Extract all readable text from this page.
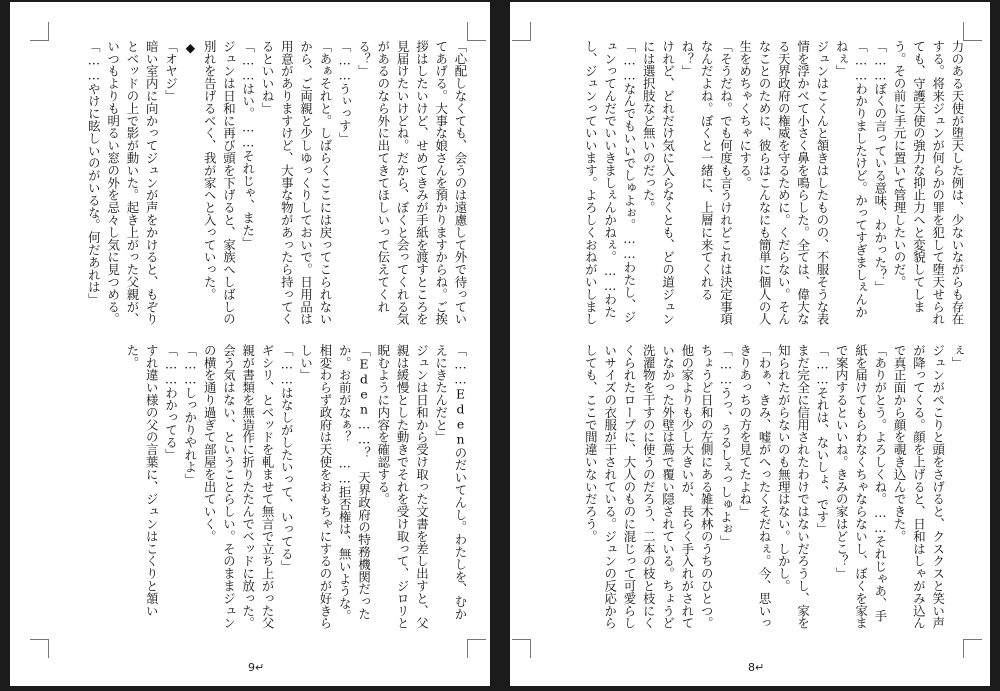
力のある天使が堕天した例は、少ないながらも存在する。将来ジュンが何らかの罪を犯して堕天せられても、守護天使の強力な抑止力へと変貌してしまう。その前に手元に置いて管理したいのだ。
「……ぼくの言っている意味、わかった？」
「……わかりましたけど。かってすぎましぇんかねぇ」
ジュンはこくんと頷きはしたものの、不服そうな表情を浮かべて小さく鼻を鳴らした。全ては、偉大なる天界政府の権威を守るために。くだらない。そんなことのために、彼らはこんなにも簡単に個人の人生をめちゃくちゃにする。
「そうだね。でも何度も言うけれどこれは決定事項なんだよね。ぼくと一緒に、上層に来てくれるね？」
けれど、どれだけ気に入らなくとも、どの道ジュンには選択肢など無いのだった。
「……なんでもいいでしゅよぉ。……わたし、ジュンってんだでいいきましぇんかねぇ。……わたし、ジュンっていいます。よろしくおねがいしましぇ」
ジュンがぺこりと頭をさげると、クスクスと笑い声が降ってくる。顔を上げると、日和はしゃがみ込んで真正面から顔を覗き込んできた。
「ありがとう。よろしくね。……それじゃあ、手紙を届けてもらわなくちゃならないし、ぼくを家まで案内するといいね。きみの家はどこ？」
「……それは、ないしょ、です」
まだ完全に信用されたわけではないだろうし、家を知られたがらないのも無理はない。しかし。
「わぁ、きみ、嘘がへったくそだねぇ。今、思いっきりあっちの方を見てたよね」
「……うっ、うるしぇっしゅよぉ」
ちょうど日和の左側にある雑木林のうちのひとつ。他の家よりも少し大きいが、長らく手入れがされていなかった外壁は蔦で覆い隠されている。ちょうど洗濯物を干すのに使うのだろう、二本の枝と枝にくくられたロープに、大人のものに混じって可愛らしいサイズの衣服が干されている。ジュンの反応からしても、ここで間違いないだろう。
8↵
「心配しなくても、会うのは遠慮して外で待っていてあげる。大事な娘さんを預かりますからね。ご挨拶はしたいけど、せめてきみが手紙を渡すところを見届けたいけどね。だから、ぼくと会ってくれる気があるのなら外に出てきてほしいって伝えてくれる？」
「……うぃっす」
「あぁそれと。しばらくここには戻ってこられないから、ご両親と少しゆっくりしておいで。日用品は用意がありますけど、大事な物があったら持ってくるといいね」
「……はい。……それじゃ、また」
ジュンは日和に再び頭を下げると、家族へしばしの別れを告げるべく、我が家へと入っていった。
◆
「オヤジ」
暗い室内に向かってジュンが声をかけると、もぞりとベッドの上で影が動いた。起き上がった父親が、いつもよりも明るい窓の外を忌々し気に見つめる。
「……やけに眩しいのがいるな。何だあれは」
「……Edenのだいてんし。わたしを、むかえにきたんだと」
ジュンは日和から受け取った文書を差し出すと、父親は緩慢とした動きでそれを受け取って、ジロリと睨むように内容を確認する。
「Eden……？　天界政府の特務機関だったか。お前がなぁ？　……拒否権は、無いような。相変わらず政府は天使をおもちゃにするのが好きらしい」
「……はなしがしたいって、いってる」
ギシリ、とベッドを軋ませて無言で立ち上がった父親が書類を無造作に折りたたんでベッドに放った。会う気はない、ということらしい。そのままジュンの横を通り過ぎて部屋を出ていく。
「……しっかりやれよ」
「……わかってる」
すれ違い様の父の言葉に、ジュンはこくりと頷いた。
9↵
